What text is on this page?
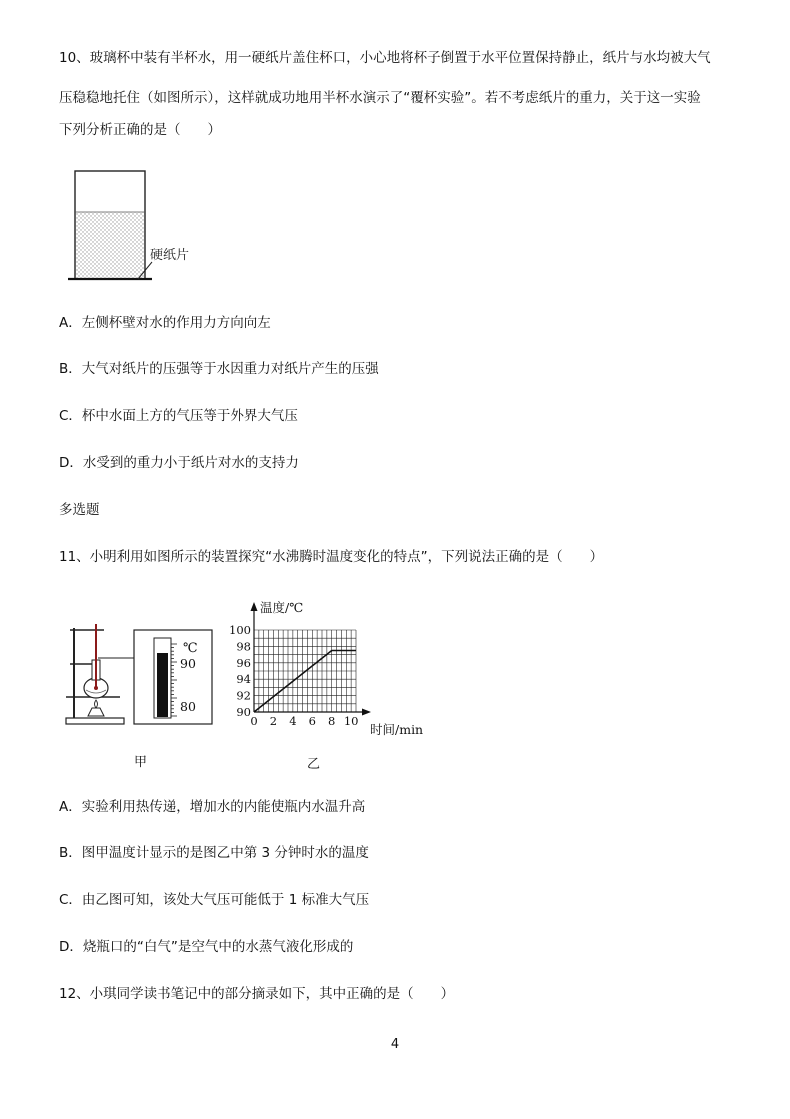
10、玻璃杯中装有半杯水，用一硬纸片盖住杯口，小心地将杯子倒置于水平位置保持静止，纸片与水均被大气
压稳稳地托住（如图所示），这样就成功地用半杯水演示了“覆杯实验”。若不考虑纸片的重力，关于这一实验
下列分析正确的是（　　）
硬纸片
A．左侧杯壁对水的作用力方向向左
B．大气对纸片的压强等于水因重力对纸片产生的压强
C．杯中水面上方的气压等于外界大气压
D．水受到的重力小于纸片对水的支持力
多选题
11、小明利用如图所示的装置探究“水沸腾时温度变化的特点”，下列说法正确的是（　　）
℃
90
80
甲
0 2 4 6 8 10
90
92
94
96
98
100
温度/℃
时间/min
乙
A．实验利用热传递，增加水的内能使瓶内水温升高
B．图甲温度计显示的是图乙中第 3 分钟时水的温度
C．由乙图可知，该处大气压可能低于 1 标准大气压
D．烧瓶口的“白气”是空气中的水蒸气液化形成的
12、小琪同学读书笔记中的部分摘录如下，其中正确的是（　　）
4
